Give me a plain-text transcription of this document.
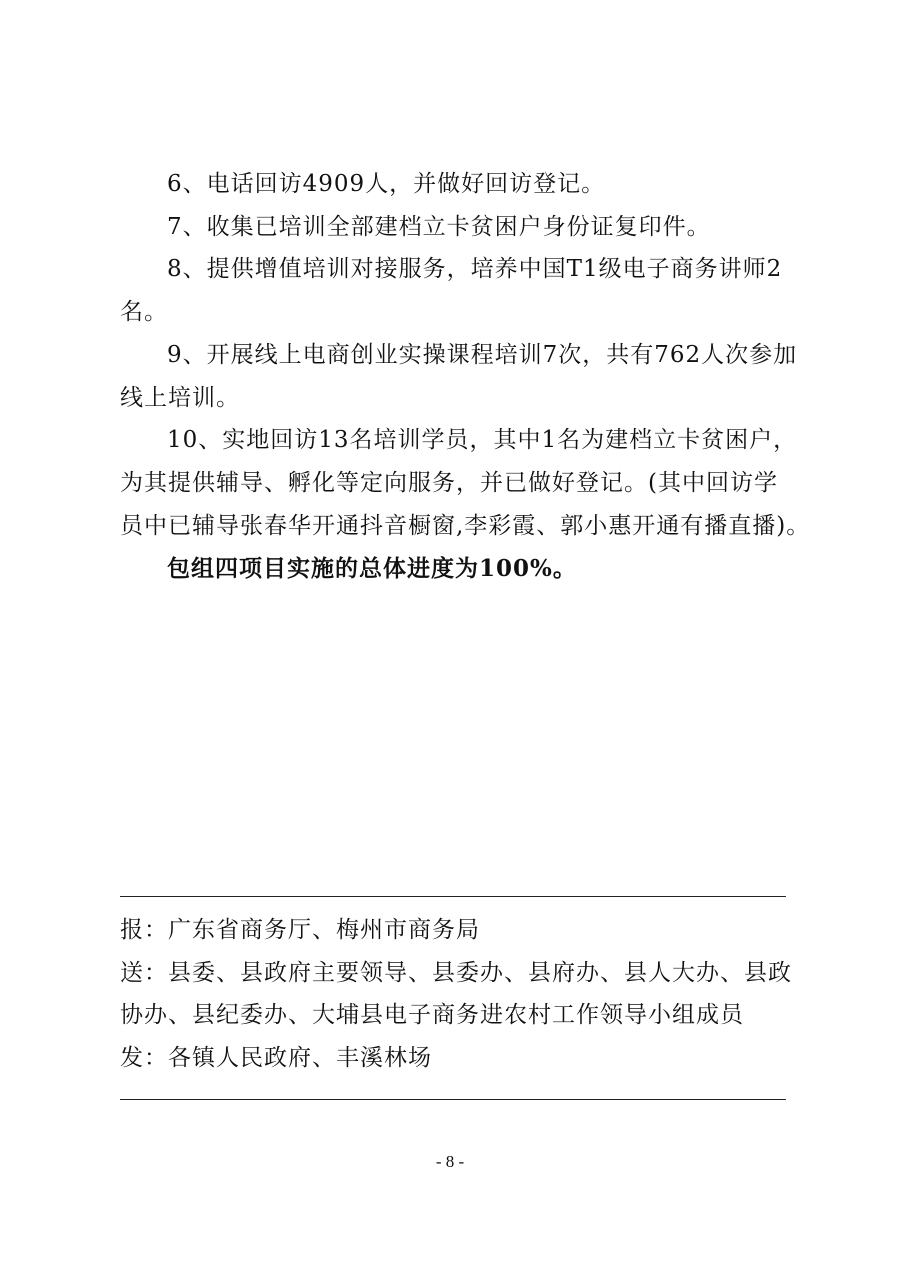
6、电话回访4909人，并做好回访登记。
7、收集已培训全部建档立卡贫困户身份证复印件。
8、提供增值培训对接服务，培养中国T1级电子商务讲师2
名。
9、开展线上电商创业实操课程培训7次，共有762人次参加
线上培训。
10、实地回访13名培训学员，其中1名为建档立卡贫困户，
为其提供辅导、孵化等定向服务，并已做好登记。(其中回访学
员中已辅导张春华开通抖音橱窗,李彩霞、郭小惠开通有播直播)。
包组四项目实施的总体进度为100%。
报：广东省商务厅、梅州市商务局
送：县委、县政府主要领导、县委办、县府办、县人大办、县政
协办、县纪委办、大埔县电子商务进农村工作领导小组成员
发：各镇人民政府、丰溪林场
- 8 -
